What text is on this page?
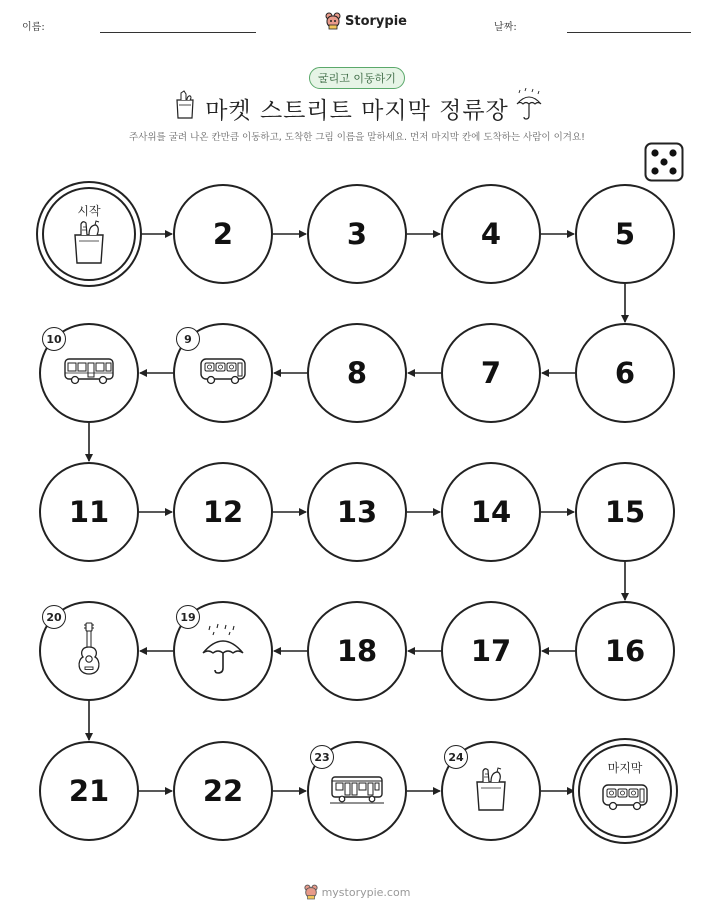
이름:	Storypie	날짜:
굴리고 이동하기
마켓 스트리트 마지막 정류장
주사위를 굴려 나온 칸만큼 이동하고, 도착한 그림 이름을 말하세요. 먼저 마지막 칸에 도착하는 사람이 이겨요!
시작
2	3	4	5
6
7
8
9
10
11	12	13	14	15
16
17
18
19
20
21	22
23	24
마지막
mystorypie.com
